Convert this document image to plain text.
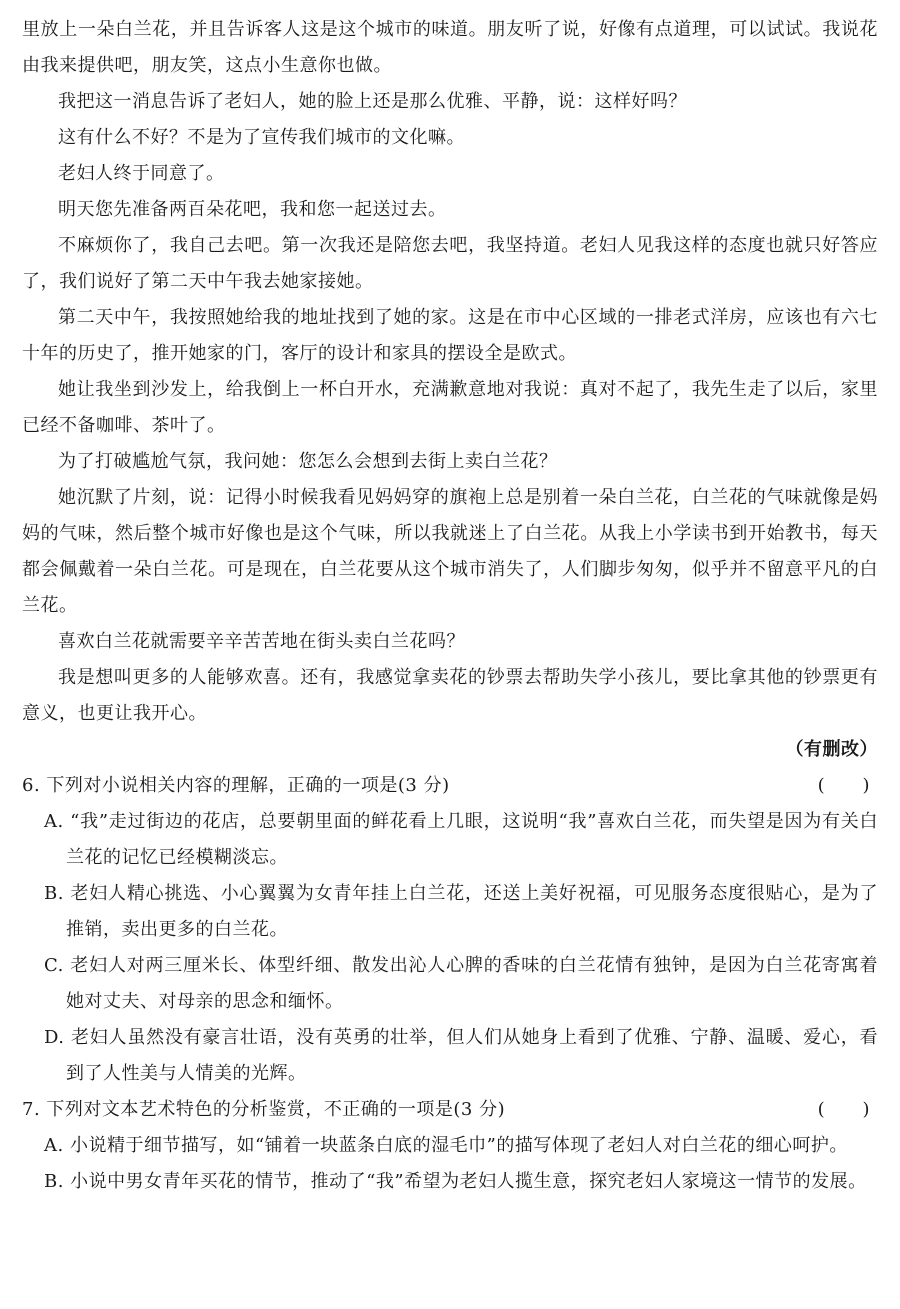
里放上一朵白兰花，并且告诉客人这是这个城市的味道。朋友听了说，好像有点道理，可以试试。我说花由我来提供吧，朋友笑，这点小生意你也做。

我把这一消息告诉了老妇人，她的脸上还是那么优雅、平静，说：这样好吗？

这有什么不好？不是为了宣传我们城市的文化嘛。

老妇人终于同意了。

明天您先准备两百朵花吧，我和您一起送过去。

不麻烦你了，我自己去吧。第一次我还是陪您去吧，我坚持道。老妇人见我这样的态度也就只好答应了，我们说好了第二天中午我去她家接她。

第二天中午，我按照她给我的地址找到了她的家。这是在市中心区域的一排老式洋房，应该也有六七十年的历史了，推开她家的门，客厅的设计和家具的摆设全是欧式。

她让我坐到沙发上，给我倒上一杯白开水，充满歉意地对我说：真对不起了，我先生走了以后，家里已经不备咖啡、茶叶了。

为了打破尴尬气氛，我问她：您怎么会想到去街上卖白兰花？

她沉默了片刻，说：记得小时候我看见妈妈穿的旗袍上总是别着一朵白兰花，白兰花的气味就像是妈妈的气味，然后整个城市好像也是这个气味，所以我就迷上了白兰花。从我上小学读书到开始教书，每天都会佩戴着一朵白兰花。可是现在，白兰花要从这个城市消失了，人们脚步匆匆，似乎并不留意平凡的白兰花。

喜欢白兰花就需要辛辛苦苦地在街头卖白兰花吗？

我是想叫更多的人能够欢喜。还有，我感觉拿卖花的钞票去帮助失学小孩儿，要比拿其他的钞票更有意义，也更让我开心。

（有删改）

6. 下列对小说相关内容的理解，正确的一项是(3 分)	(      )

A. “我”走过街边的花店，总要朝里面的鲜花看上几眼，这说明“我”喜欢白兰花，而失望是因为有关白兰花的记忆已经模糊淡忘。

B. 老妇人精心挑选、小心翼翼为女青年挂上白兰花，还送上美好祝福，可见服务态度很贴心，是为了推销，卖出更多的白兰花。

C. 老妇人对两三厘米长、体型纤细、散发出沁人心脾的香味的白兰花情有独钟，是因为白兰花寄寓着她对丈夫、对母亲的思念和缅怀。

D. 老妇人虽然没有豪言壮语，没有英勇的壮举，但人们从她身上看到了优雅、宁静、温暖、爱心，看到了人性美与人情美的光辉。

7. 下列对文本艺术特色的分析鉴赏，不正确的一项是(3 分)	(      )

A. 小说精于细节描写，如“铺着一块蓝条白底的湿毛巾”的描写体现了老妇人对白兰花的细心呵护。

B. 小说中男女青年买花的情节，推动了“我”希望为老妇人揽生意，探究老妇人家境这一情节的发展。
